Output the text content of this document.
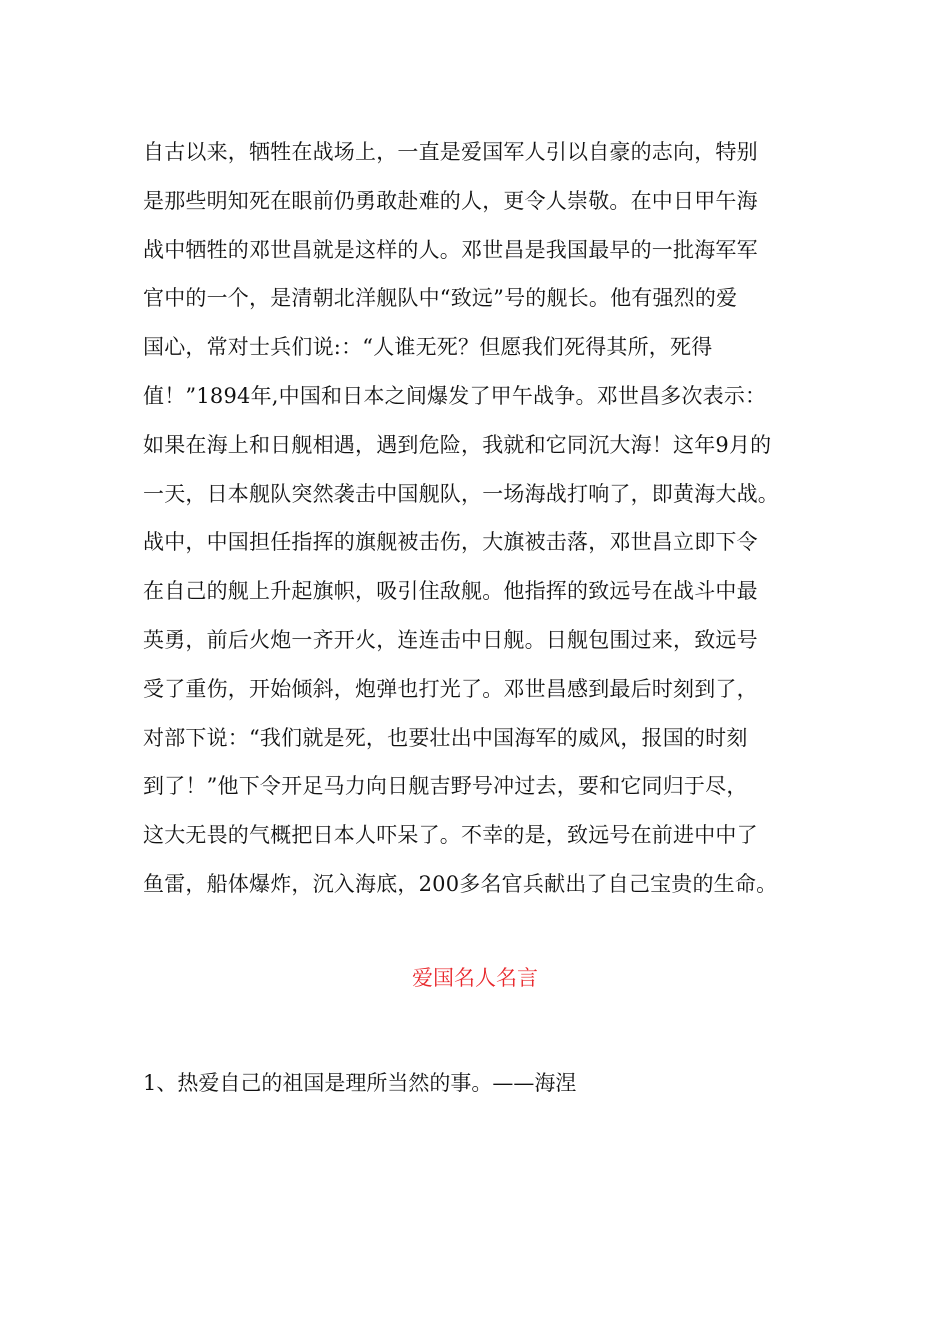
自古以来，牺牲在战场上，一直是爱国军人引以自豪的志向，特别
是那些明知死在眼前仍勇敢赴难的人，更令人崇敬。在中日甲午海
战中牺牲的邓世昌就是这样的人。邓世昌是我国最早的一批海军军
官中的一个，是清朝北洋舰队中“致远”号的舰长。他有强烈的爱
国心，常对士兵们说:：“人谁无死？但愿我们死得其所，死得
值！”1894年,中国和日本之间爆发了甲午战争。邓世昌多次表示：
如果在海上和日舰相遇，遇到危险，我就和它同沉大海！这年9月的
一天，日本舰队突然袭击中国舰队，一场海战打响了，即黄海大战。
战中，中国担任指挥的旗舰被击伤，大旗被击落，邓世昌立即下令
在自己的舰上升起旗帜，吸引住敌舰。他指挥的致远号在战斗中最
英勇，前后火炮一齐开火，连连击中日舰。日舰包围过来，致远号
受了重伤，开始倾斜，炮弹也打光了。邓世昌感到最后时刻到了，
对部下说：“我们就是死，也要壮出中国海军的威风，报国的时刻
到了！”他下令开足马力向日舰吉野号冲过去，要和它同归于尽，
这大无畏的气概把日本人吓呆了。不幸的是，致远号在前进中中了
鱼雷，船体爆炸，沉入海底，200多名官兵献出了自己宝贵的生命。
爱国名人名言

1、热爱自己的祖国是理所当然的事。——海涅
